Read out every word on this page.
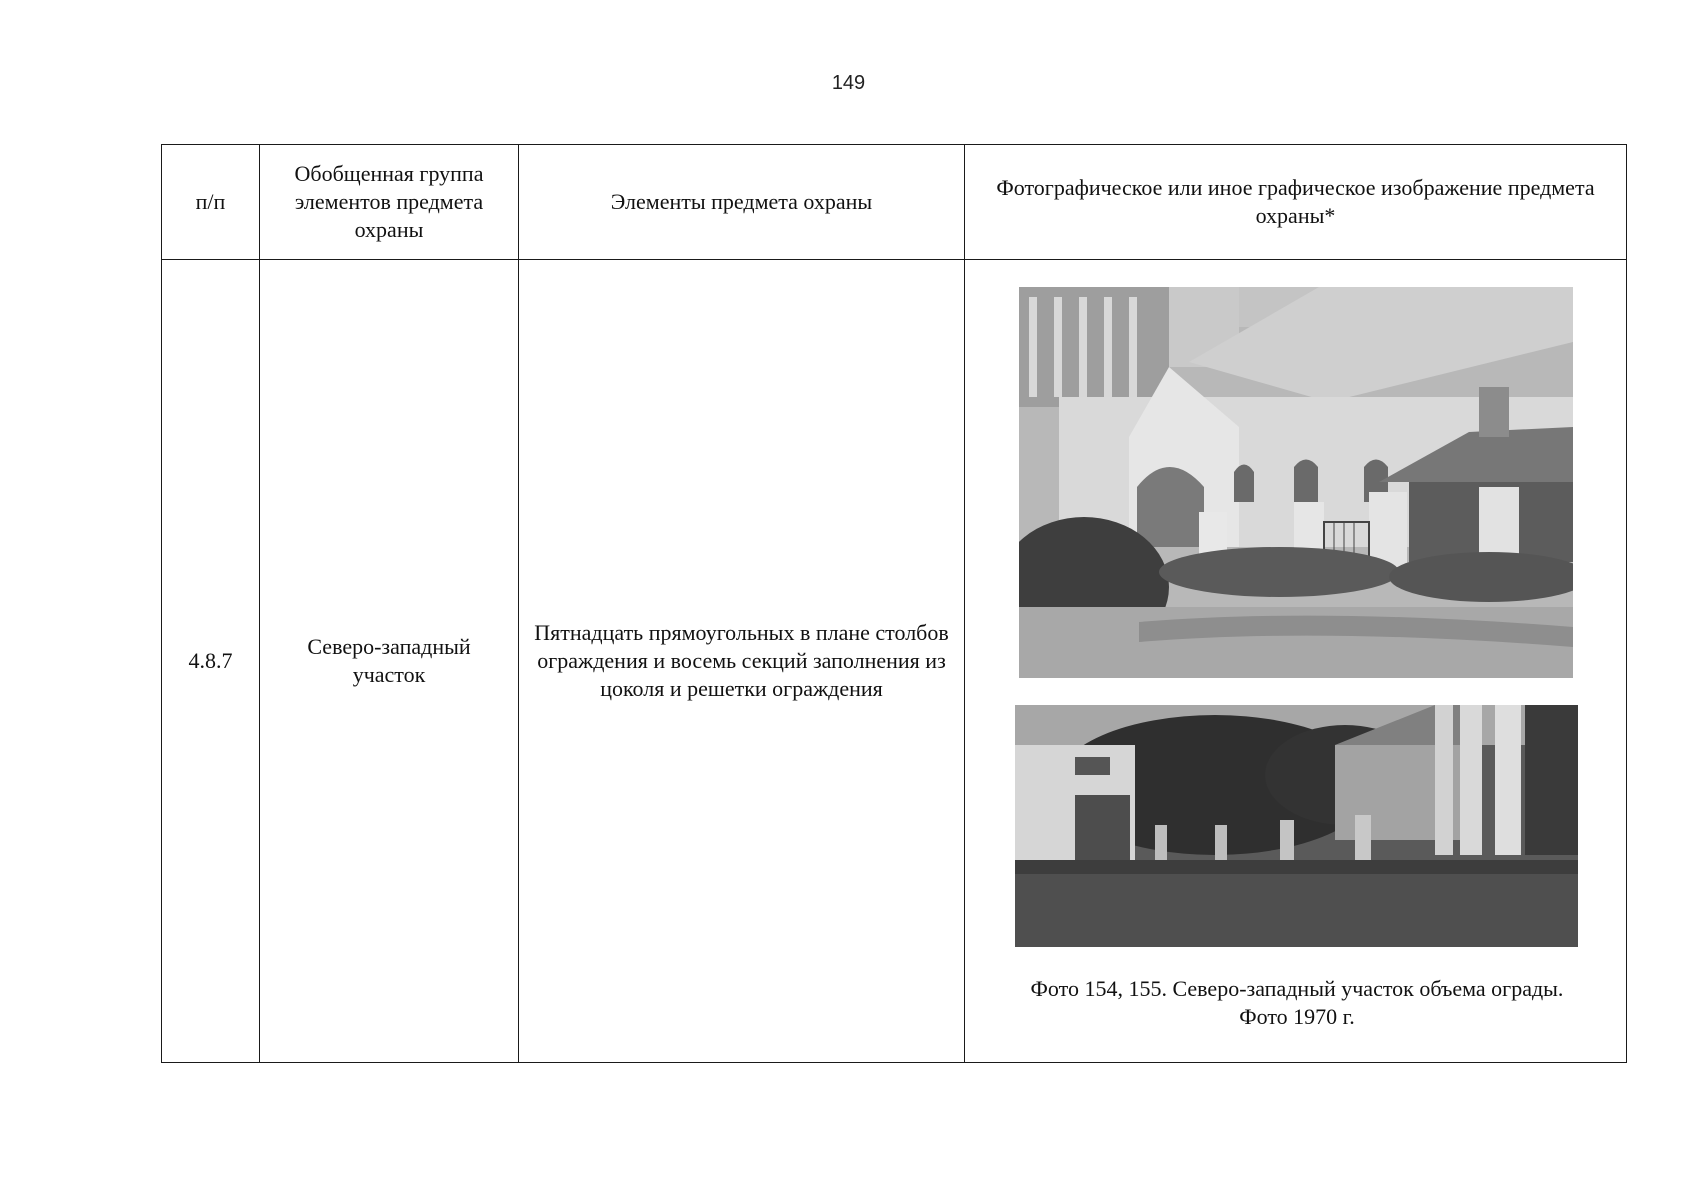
149
п/п	Обобщенная группа элементов предмета охраны	Элементы предмета охраны	Фотографическое или иное графическое изображение предмета охраны*
4.8.7	Северо-западный участок	Пятнадцать прямоугольных в плане столбов ограждения и восемь секций заполнения из цоколя и решетки ограждения	Фото 154, 155. Северо-западный участок объема ограды.
Фото 1970 г.
